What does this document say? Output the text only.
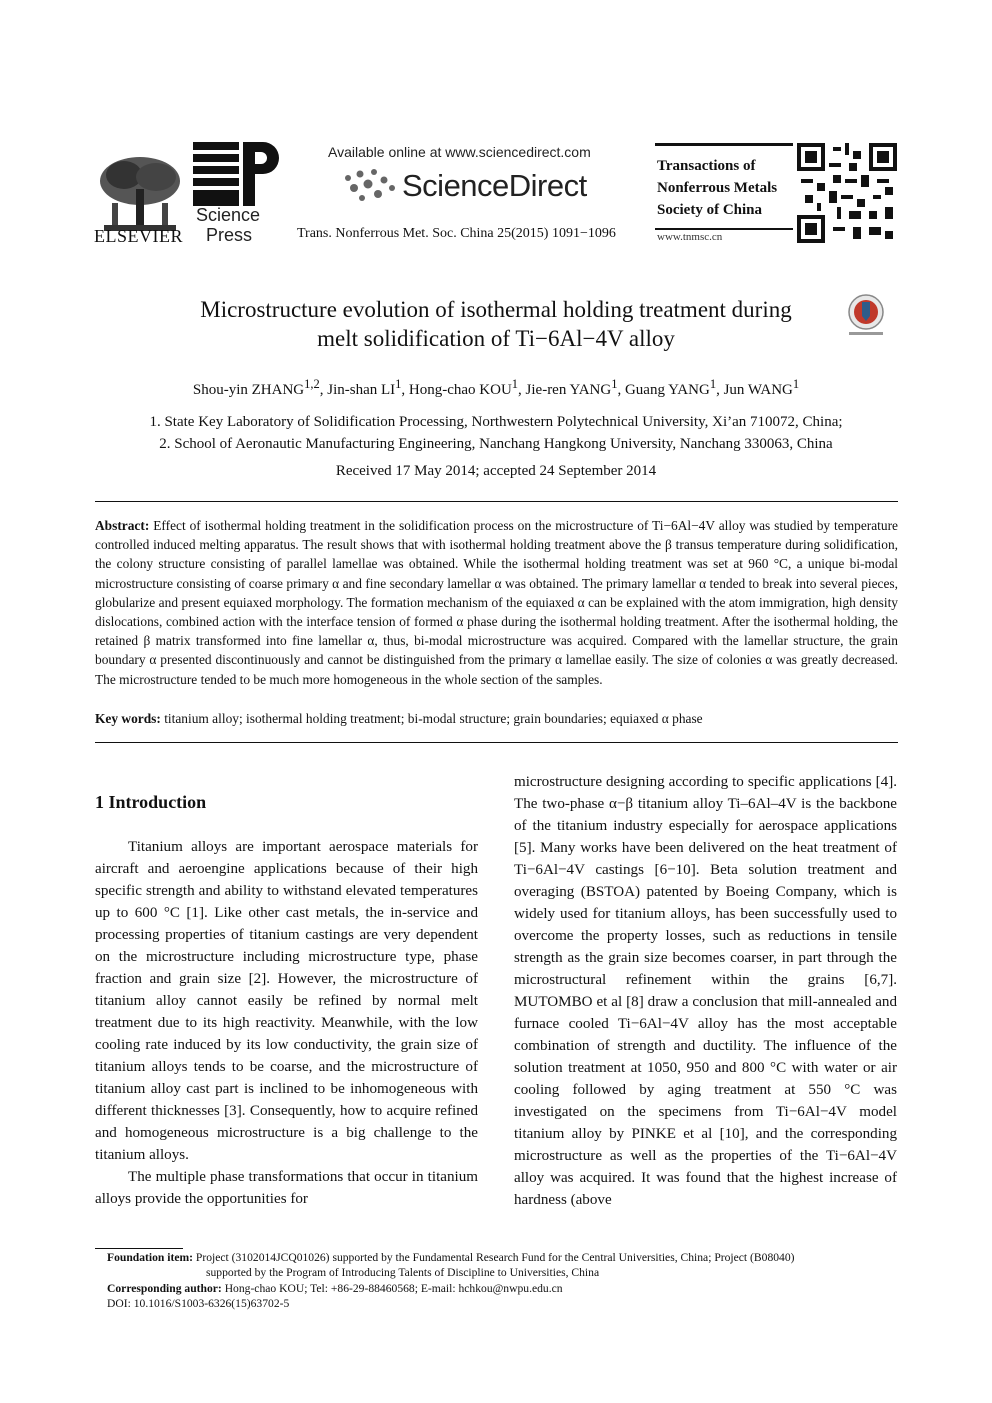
ELSEVIER
Science
Press
Available online at www.sciencedirect.com
ScienceDirect
Trans. Nonferrous Met. Soc. China 25(2015) 1091−1096
Transactions of
Nonferrous Metals
Society of China
www.tnmsc.cn
Microstructure evolution of isothermal holding treatment during
melt solidification of Ti−6Al−4V alloy
Shou-yin ZHANG$^{1,2}$, Jin-shan $LI^1$, Hong-chao KOU$^1$, Jie-ren YANG$^1$, Guang YANG$^1$, Jun WANG$^1$
1. State Key Laboratory of Solidification Processing, Northwestern Polytechnical University, Xi’an 710072, China;
2. School of Aeronautic Manufacturing Engineering, Nanchang Hangkong University, Nanchang 330063, China
Received 17 May 2014; accepted 24 September 2014
Abstract: Effect of isothermal holding treatment in the solidification process on the microstructure of Ti−6Al−4V alloy was studied by temperature controlled induced melting apparatus. The result shows that with isothermal holding treatment above the β transus temperature during solidification, the colony structure consisting of parallel lamellae was obtained. While the isothermal holding treatment was set at 960 °C, a unique bi-modal microstructure consisting of coarse primary α and fine secondary lamellar α was obtained. The primary lamellar α tended to break into several pieces, globularize and present equiaxed morphology. The formation mechanism of the equiaxed α can be explained with the atom immigration, high density dislocations, combined action with the interface tension of formed α phase during the isothermal holding treatment. After the isothermal holding, the retained β matrix transformed into fine lamellar α, thus, bi-modal microstructure was acquired. Compared with the lamellar structure, the grain boundary α presented discontinuously and cannot be distinguished from the primary α lamellae easily. The size of colonies α was greatly decreased. The microstructure tended to be much more homogeneous in the whole section of the samples.
Key words: titanium alloy; isothermal holding treatment; bi-modal structure; grain boundaries; equiaxed α phase
1 Introduction

Titanium alloys are important aerospace materials for aircraft and aeroengine applications because of their high specific strength and ability to withstand elevated temperatures up to 600 °C [1]. Like other cast metals, the in-service and processing properties of titanium castings are very dependent on the microstructure including microstructure type, phase fraction and grain size [2]. However, the microstructure of titanium alloy cannot easily be refined by normal melt treatment due to its high reactivity. Meanwhile, with the low cooling rate induced by its low conductivity, the grain size of titanium alloys tends to be coarse, and the microstructure of titanium alloy cast part is inclined to be inhomogeneous with different thicknesses [3]. Consequently, how to acquire refined and homogeneous microstructure is a big challenge to the titanium alloys.

The multiple phase transformations that occur in titanium alloys provide the opportunities for

microstructure designing according to specific applications [4]. The two-phase α−β titanium alloy Ti–6Al–4V is the backbone of the titanium industry especially for aerospace applications [5]. Many works have been delivered on the heat treatment of Ti−6Al−4V castings [6−10]. Beta solution treatment and overaging (BSTOA) patented by Boeing Company, which is widely used for titanium alloys, has been successfully used to overcome the property losses, such as reductions in tensile strength as the grain size becomes coarser, in part through the microstructural refinement within the grains [6,7]. MUTOMBO et al [8] draw a conclusion that mill-annealed and furnace cooled Ti−6Al−4V alloy has the most acceptable combination of strength and ductility. The influence of the solution treatment at 1050, 950 and 800 °C with water or air cooling followed by aging treatment at 550 °C was investigated on the specimens from Ti−6Al−4V model titanium alloy by PINKE et al [10], and the corresponding microstructure as well as the properties of the Ti−6Al−4V alloy was acquired. It was found that the highest increase of hardness (above

Foundation item: Project (3102014JCQ01026) supported by the Fundamental Research Fund for the Central Universities, China; Project (B08040)
supported by the Program of Introducing Talents of Discipline to Universities, China
Corresponding author: Hong-chao KOU; Tel: +86-29-88460568; E-mail: hchkou@nwpu.edu.cn
DOI: 10.1016/S1003-6326(15)63702-5
